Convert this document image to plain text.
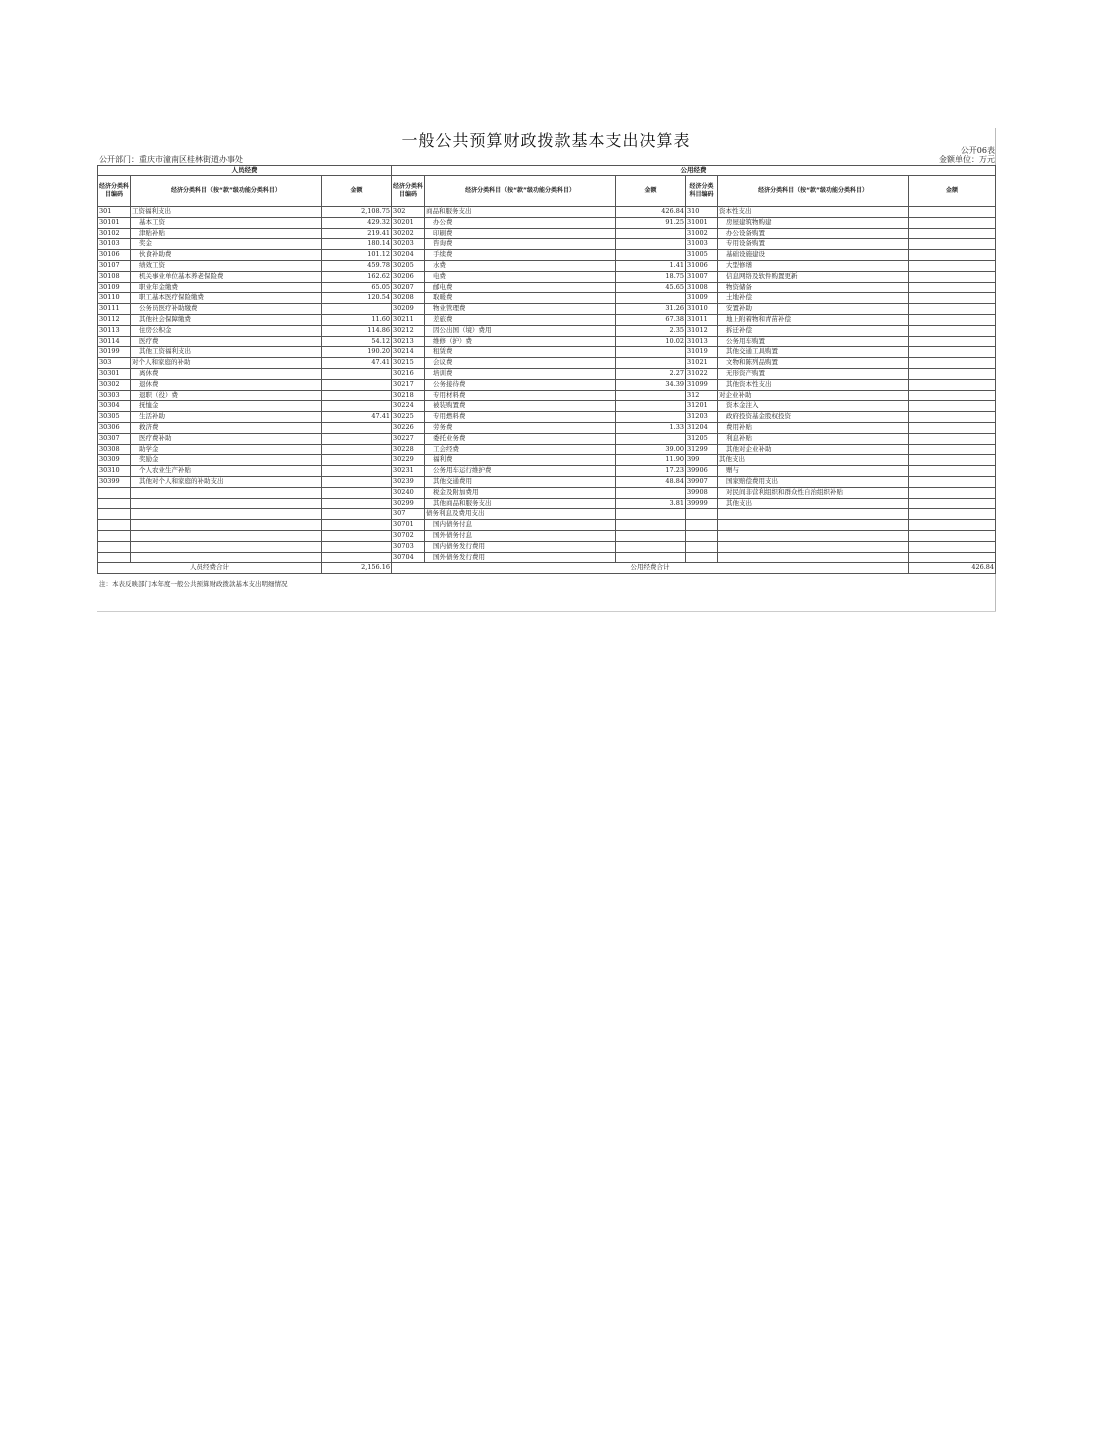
一般公共预算财政拨款基本支出决算表
公开06表
公开部门：重庆市潼南区桂林街道办事处	金额单位：万元
人员经费			公用经费					
经济分类科目编码	经济分类科目（按“款”级功能分类科目）	金额	经济分类科目编码	经济分类科目（按“款”级功能分类科目）	金额	经济分类科目编码	经济分类科目（按“款”级功能分类科目）	金额
301	工资福利支出	2,108.75	302	商品和服务支出	426.84	310	资本性支出	
30101	基本工资	429.32	30201	办公费	91.25	31001	房屋建筑物购建	
30102	津贴补贴	219.41	30202	印刷费		31002	办公设备购置	
30103	奖金	180.14	30203	咨询费		31003	专用设备购置	
30106	伙食补助费	101.12	30204	手续费		31005	基础设施建设	
30107	绩效工资	459.78	30205	水费	1.41	31006	大型修缮	
30108	机关事业单位基本养老保险费	162.62	30206	电费	18.75	31007	信息网络及软件购置更新	
30109	职业年金缴费	65.05	30207	邮电费	45.65	31008	物资储备	
30110	职工基本医疗保险缴费	120.54	30208	取暖费		31009	土地补偿	
30111	公务员医疗补助缴费		30209	物业管理费	31.26	31010	安置补助	
30112	其他社会保障缴费	11.60	30211	差旅费	67.38	31011	地上附着物和青苗补偿	
30113	住房公积金	114.86	30212	因公出国（境）费用	2.35	31012	拆迁补偿	
30114	医疗费	54.12	30213	维修（护）费	10.02	31013	公务用车购置	
30199	其他工资福利支出	190.20	30214	租赁费		31019	其他交通工具购置	
303	对个人和家庭的补助	47.41	30215	会议费		31021	文物和陈列品购置	
30301	离休费		30216	培训费	2.27	31022	无形资产购置	
30302	退休费		30217	公务接待费	34.39	31099	其他资本性支出	
30303	退职（役）费		30218	专用材料费		312	对企业补助	
30304	抚恤金		30224	被装购置费		31201	资本金注入	
30305	生活补助	47.41	30225	专用燃料费		31203	政府投资基金股权投资	
30306	救济费		30226	劳务费	1.33	31204	费用补贴	
30307	医疗费补助		30227	委托业务费		31205	利息补贴	
30308	助学金		30228	工会经费	39.00	31299	其他对企业补助	
30309	奖励金		30229	福利费	11.90	399	其他支出	
30310	个人农业生产补贴		30231	公务用车运行维护费	17.23	39906	赠与	
30399	其他对个人和家庭的补助支出		30239	其他交通费用	48.84	39907	国家赔偿费用支出	
			30240	税金及附加费用		39908	对民间非营利组织和群众性自治组织补贴	
			30299	其他商品和服务支出	3.81	39999	其他支出	
			307	债务利息及费用支出				
			30701	国内债务付息				
			30702	国外债务付息				
			30703	国内债务发行费用				
			30704	国外债务发行费用				
人员经费合计		2,156.16	公用经费合计					426.84
注：本表反映部门本年度一般公共预算财政拨款基本支出明细情况
